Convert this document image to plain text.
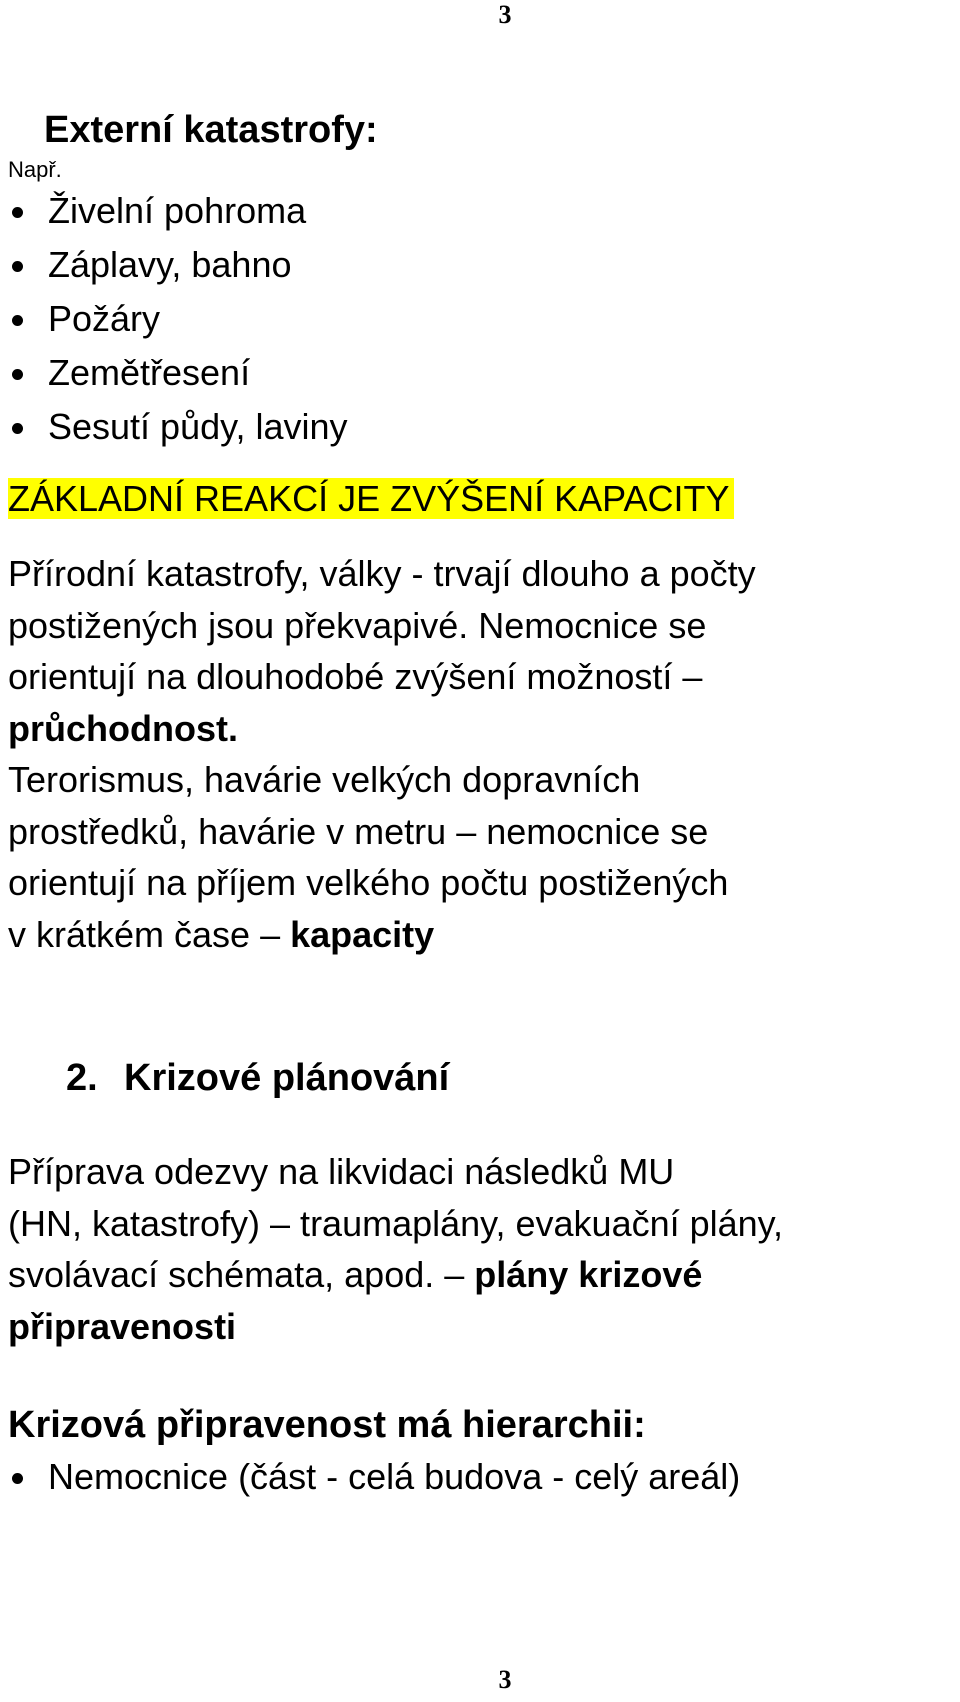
3
Externí katastrofy:

Např.

Živelní pohroma
Záplavy, bahno
Požáry
Zemětřesení
Sesutí půdy, laviny
ZÁKLADNÍ REAKCÍ JE ZVÝŠENÍ KAPACITY
Přírodní katastrofy, války - trvají dlouho a počty
postižených jsou překvapivé. Nemocnice se
orientují na dlouhodobé zvýšení možností –
průchodnost.
Terorismus, havárie velkých dopravních
prostředků, havárie v metru – nemocnice se
orientují na příjem velkého počtu postižených
v krátkém čase – kapacity
2. Krizové plánování
Příprava odezvy na likvidaci následků MU
(HN, katastrofy) – traumaplány, evakuační plány,
svolávací schémata, apod. – plány krizové
připravenosti
Krizová připravenost má hierarchii:
Nemocnice (část - celá budova - celý areál)
3
